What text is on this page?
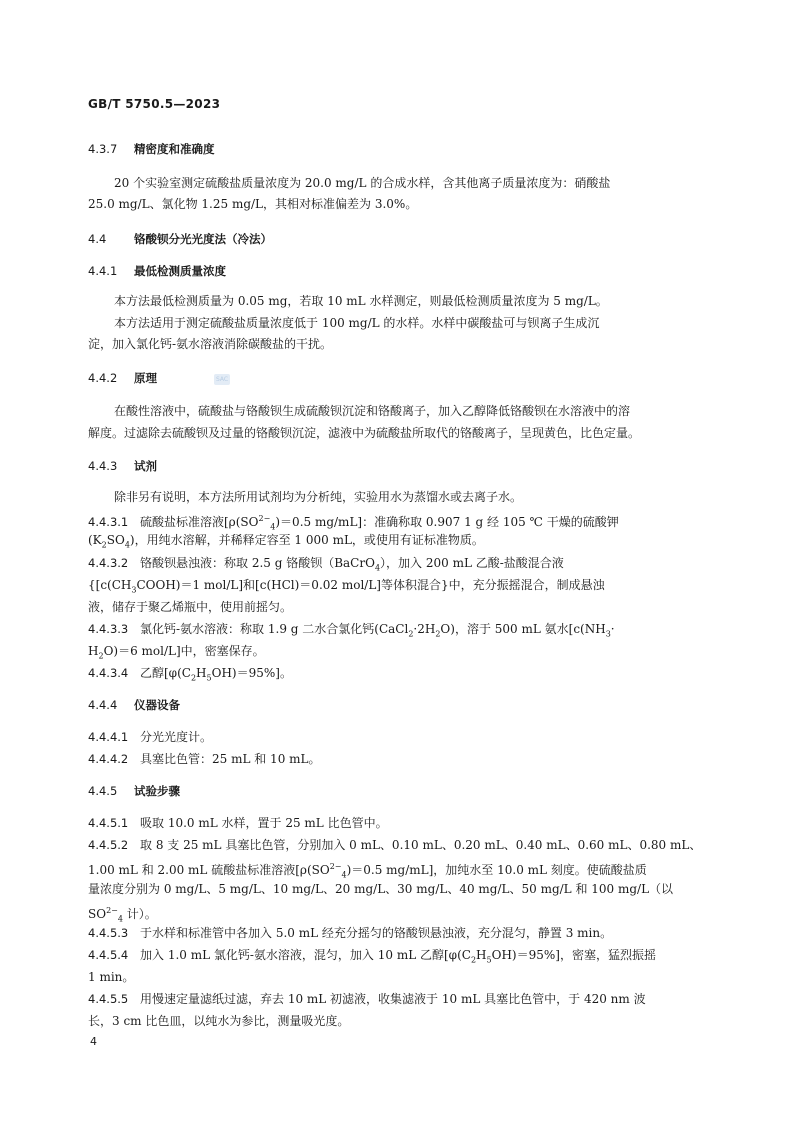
GB/T 5750.5—2023
4.3.7 精密度和准确度
20 个实验室测定硫酸盐质量浓度为 20.0 mg/L 的合成水样，含其他离子质量浓度为：硝酸盐
25.0 mg/L、氯化物 1.25 mg/L，其相对标准偏差为 3.0%。
4.4 铬酸钡分光光度法（冷法）
4.4.1 最低检测质量浓度
本方法最低检测质量为 0.05 mg，若取 10 mL 水样测定，则最低检测质量浓度为 5 mg/L。
本方法适用于测定硫酸盐质量浓度低于 100 mg/L 的水样。水样中碳酸盐可与钡离子生成沉
淀，加入氯化钙-氨水溶液消除碳酸盐的干扰。
4.4.2 原理	SAC
在酸性溶液中，硫酸盐与铬酸钡生成硫酸钡沉淀和铬酸离子，加入乙醇降低铬酸钡在水溶液中的溶
解度。过滤除去硫酸钡及过量的铬酸钡沉淀，滤液中为硫酸盐所取代的铬酸离子，呈现黄色，比色定量。
4.4.3 试剂
除非另有说明，本方法所用试剂均为分析纯，实验用水为蒸馏水或去离子水。
4.4.3.1 硫酸盐标准溶液[$\rho(SO^{2-}_4)=0.5$ mg/mL]：准确称取 0.907 1 g 经 105 ℃ 干燥的硫酸钾
$(K_2SO_4)$，用纯水溶解，并稀释定容至 1 000 mL，或使用有证标准物质。
4.4.3.2 铬酸钡悬浊液：称取 2.5 g 铬酸钡（BaCrO$_4$），加入 200 mL 乙酸-盐酸混合液
{[$c(CH_3COOH)=1$ mol/L]和[c(HCl)＝0.02 mol/L]等体积混合}中，充分振摇混合，制成悬浊
液，储存于聚乙烯瓶中，使用前摇匀。
4.4.3.3 氯化钙-氨水溶液：称取 1.9 g 二水合氯化钙$(CaCl_2\cdot 2H_2O)$，溶于 500 mL 氨水[$c(NH_3\cdot$
$H_2O)=6$ mol/L]中，密塞保存。
4.4.3.4 乙醇$[\varphi(C_2H_5OH)=95\%]$。
4.4.4 仪器设备
4.4.4.1 分光光度计。
4.4.4.2 具塞比色管：25 mL 和 10 mL。
4.4.5 试验步骤
4.4.5.1 吸取 10.0 mL 水样，置于 25 mL 比色管中。
4.4.5.2 取 8 支 25 mL 具塞比色管，分别加入 0 mL、0.10 mL、0.20 mL、0.40 mL、0.60 mL、0.80 mL、
1.00 mL 和 2.00 mL 硫酸盐标准溶液[$\rho(SO^{2-}_4)=0.5$ mg/mL]，加纯水至 10.0 mL 刻度。使硫酸盐质
量浓度分别为 0 mg/L、5 mg/L、10 mg/L、20 mg/L、30 mg/L、40 mg/L、50 mg/L 和 100 mg/L（以
$SO^{2-}_4$ 计）。
4.4.5.3 于水样和标准管中各加入 5.0 mL 经充分摇匀的铬酸钡悬浊液，充分混匀，静置 3 min。
4.4.5.4 加入 1.0 mL 氯化钙-氨水溶液，混匀，加入 10 mL 乙醇$[\varphi(C_2H_5OH)=95\%]$，密塞，猛烈振摇
1 min。
4.4.5.5 用慢速定量滤纸过滤，弃去 10 mL 初滤液，收集滤液于 10 mL 具塞比色管中，于 420 nm 波
长，3 cm 比色皿，以纯水为参比，测量吸光度。
4
